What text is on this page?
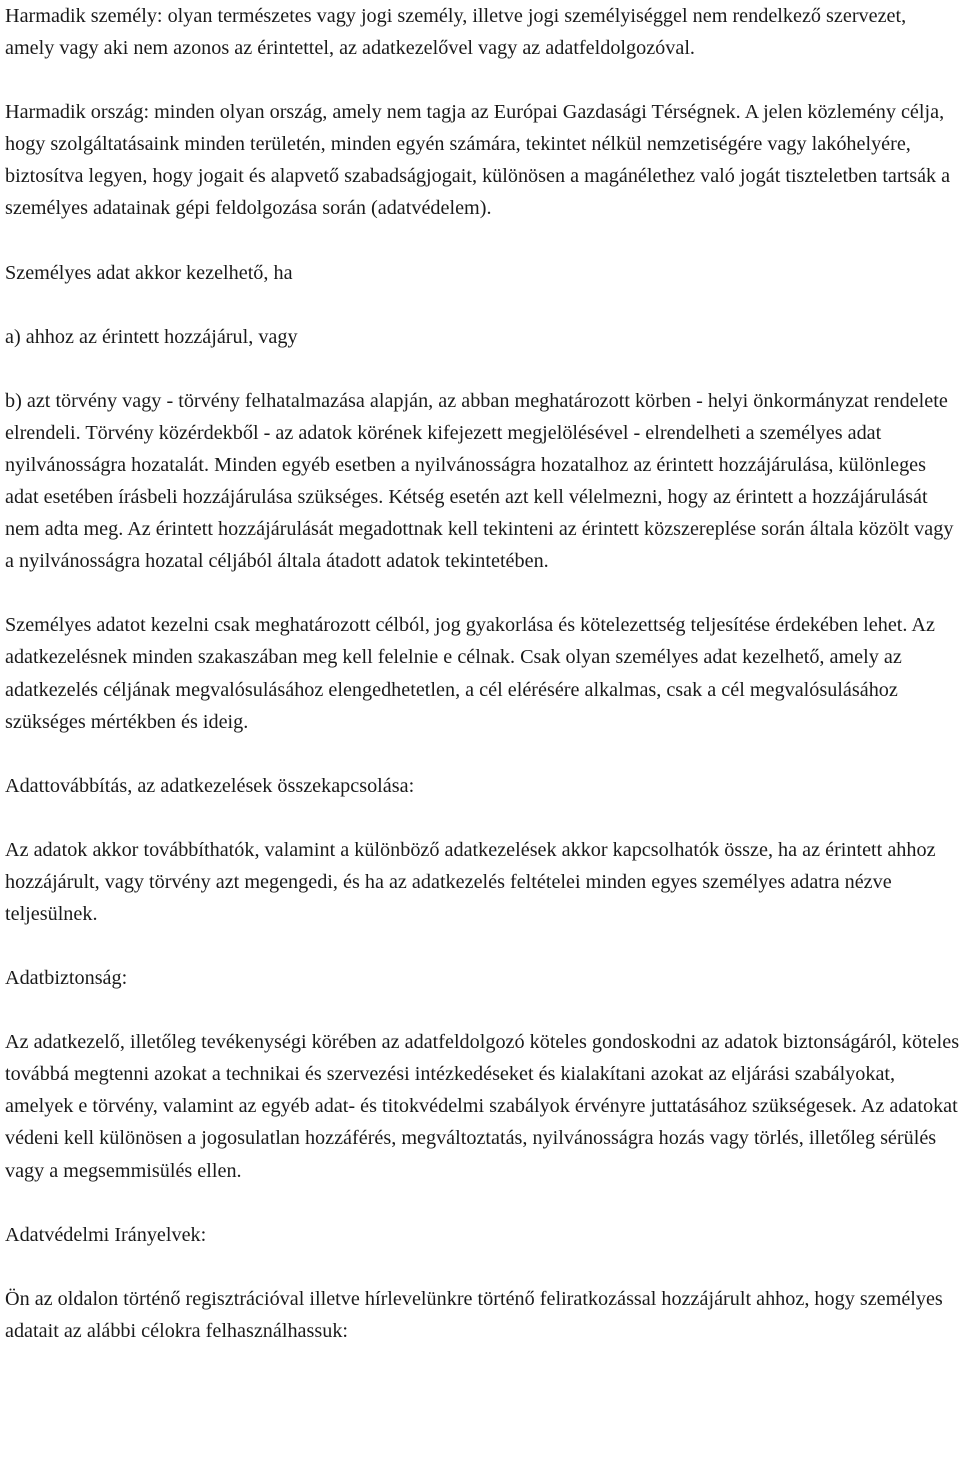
Harmadik személy: olyan természetes vagy jogi személy, illetve jogi személyiséggel nem rendelkező szervezet, amely vagy aki nem azonos az érintettel, az adatkezelővel vagy az adatfeldolgozóval.

Harmadik ország: minden olyan ország, amely nem tagja az Európai Gazdasági Térségnek. A jelen közlemény célja, hogy szolgáltatásaink minden területén, minden egyén számára, tekintet nélkül nemzetiségére vagy lakóhelyére, biztosítva legyen, hogy jogait és alapvető szabadságjogait, különösen a magánélethez való jogát tiszteletben tartsák a személyes adatainak gépi feldolgozása során (adatvédelem).

Személyes adat akkor kezelhető, ha

a) ahhoz az érintett hozzájárul, vagy

b) azt törvény vagy - törvény felhatalmazása alapján, az abban meghatározott körben - helyi önkormányzat rendelete elrendeli. Törvény közérdekből - az adatok körének kifejezett megjelölésével - elrendelheti a személyes adat nyilvánosságra hozatalát. Minden egyéb esetben a nyilvánosságra hozatalhoz az érintett hozzájárulása, különleges adat esetében írásbeli hozzájárulása szükséges. Kétség esetén azt kell vélelmezni, hogy az érintett a hozzájárulását nem adta meg. Az érintett hozzájárulását megadottnak kell tekinteni az érintett közszereplése során általa közölt vagy a nyilvánosságra hozatal céljából általa átadott adatok tekintetében.

Személyes adatot kezelni csak meghatározott célból, jog gyakorlása és kötelezettség teljesítése érdekében lehet. Az adatkezelésnek minden szakaszában meg kell felelnie e célnak. Csak olyan személyes adat kezelhető, amely az adatkezelés céljának megvalósulásához elengedhetetlen, a cél elérésére alkalmas, csak a cél megvalósulásához szükséges mértékben és ideig.

Adattovábbítás, az adatkezelések összekapcsolása:

Az adatok akkor továbbíthatók, valamint a különböző adatkezelések akkor kapcsolhatók össze, ha az érintett ahhoz hozzájárult, vagy törvény azt megengedi, és ha az adatkezelés feltételei minden egyes személyes adatra nézve teljesülnek.

Adatbiztonság:

Az adatkezelő, illetőleg tevékenységi körében az adatfeldolgozó köteles gondoskodni az adatok biztonságáról, köteles továbbá megtenni azokat a technikai és szervezési intézkedéseket és kialakítani azokat az eljárási szabályokat, amelyek e törvény, valamint az egyéb adat- és titokvédelmi szabályok érvényre juttatásához szükségesek. Az adatokat védeni kell különösen a jogosulatlan hozzáférés, megváltoztatás, nyilvánosságra hozás vagy törlés, illetőleg sérülés vagy a megsemmisülés ellen.

Adatvédelmi Irányelvek:

Ön az oldalon történő regisztrációval illetve hírlevelünkre történő feliratkozással hozzájárult ahhoz, hogy személyes adatait az alábbi célokra felhasználhassuk:
